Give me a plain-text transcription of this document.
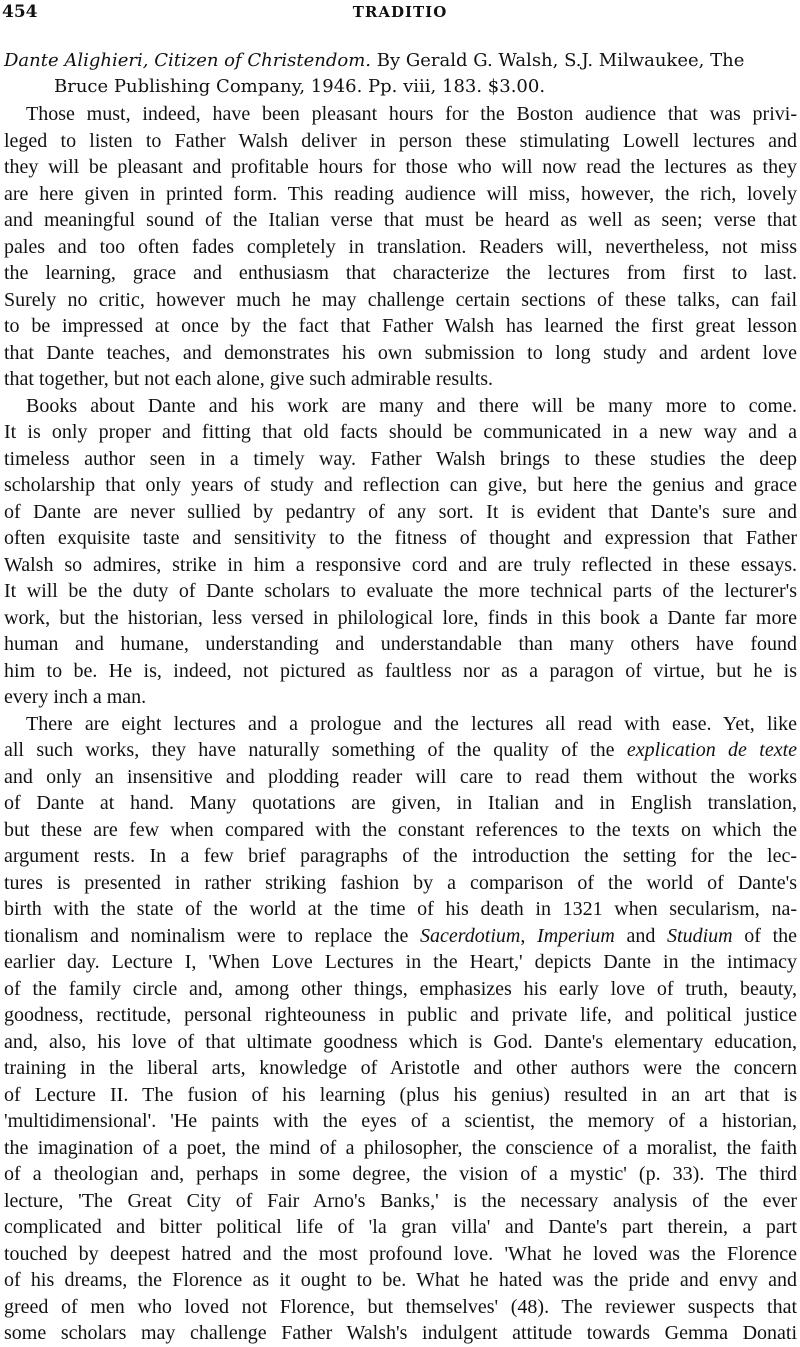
454	TRADITIO
Dante Alighieri, Citizen of Christendom. By Gerald G. Walsh, S.J. Milwaukee, The
Bruce Publishing Company, 1946. Pp. viii, 183. $3.00.
Those must, indeed, have been pleasant hours for the Boston audience that was privi-
leged to listen to Father Walsh deliver in person these stimulating Lowell lectures and
they will be pleasant and profitable hours for those who will now read the lectures as they
are here given in printed form. This reading audience will miss, however, the rich, lovely
and meaningful sound of the Italian verse that must be heard as well as seen; verse that
pales and too often fades completely in translation. Readers will, nevertheless, not miss
the learning, grace and enthusiasm that characterize the lectures from first to last.
Surely no critic, however much he may challenge certain sections of these talks, can fail
to be impressed at once by the fact that Father Walsh has learned the first great lesson
that Dante teaches, and demonstrates his own submission to long study and ardent love
that together, but not each alone, give such admirable results.
Books about Dante and his work are many and there will be many more to come.
It is only proper and fitting that old facts should be communicated in a new way and a
timeless author seen in a timely way. Father Walsh brings to these studies the deep
scholarship that only years of study and reflection can give, but here the genius and grace
of Dante are never sullied by pedantry of any sort. It is evident that Dante's sure and
often exquisite taste and sensitivity to the fitness of thought and expression that Father
Walsh so admires, strike in him a responsive cord and are truly reflected in these essays.
It will be the duty of Dante scholars to evaluate the more technical parts of the lecturer's
work, but the historian, less versed in philological lore, finds in this book a Dante far more
human and humane, understanding and understandable than many others have found
him to be. He is, indeed, not pictured as faultless nor as a paragon of virtue, but he is
every inch a man.
There are eight lectures and a prologue and the lectures all read with ease. Yet, like
all such works, they have naturally something of the quality of the explication de texte
and only an insensitive and plodding reader will care to read them without the works
of Dante at hand. Many quotations are given, in Italian and in English translation,
but these are few when compared with the constant references to the texts on which the
argument rests. In a few brief paragraphs of the introduction the setting for the lec-
tures is presented in rather striking fashion by a comparison of the world of Dante's
birth with the state of the world at the time of his death in 1321 when secularism, na-
tionalism and nominalism were to replace the Sacerdotium, Imperium and Studium of the
earlier day. Lecture I, 'When Love Lectures in the Heart,' depicts Dante in the intimacy
of the family circle and, among other things, emphasizes his early love of truth, beauty,
goodness, rectitude, personal righteouness in public and private life, and political justice
and, also, his love of that ultimate goodness which is God. Dante's elementary education,
training in the liberal arts, knowledge of Aristotle and other authors were the concern
of Lecture II. The fusion of his learning (plus his genius) resulted in an art that is
'multidimensional'. 'He paints with the eyes of a scientist, the memory of a historian,
the imagination of a poet, the mind of a philosopher, the conscience of a moralist, the faith
of a theologian and, perhaps in some degree, the vision of a mystic' (p. 33). The third
lecture, 'The Great City of Fair Arno's Banks,' is the necessary analysis of the ever
complicated and bitter political life of 'la gran villa' and Dante's part therein, a part
touched by deepest hatred and the most profound love. 'What he loved was the Florence
of his dreams, the Florence as it ought to be. What he hated was the pride and envy and
greed of men who loved not Florence, but themselves' (48). The reviewer suspects that
some scholars may challenge Father Walsh's indulgent attitude towards Gemma Donati
